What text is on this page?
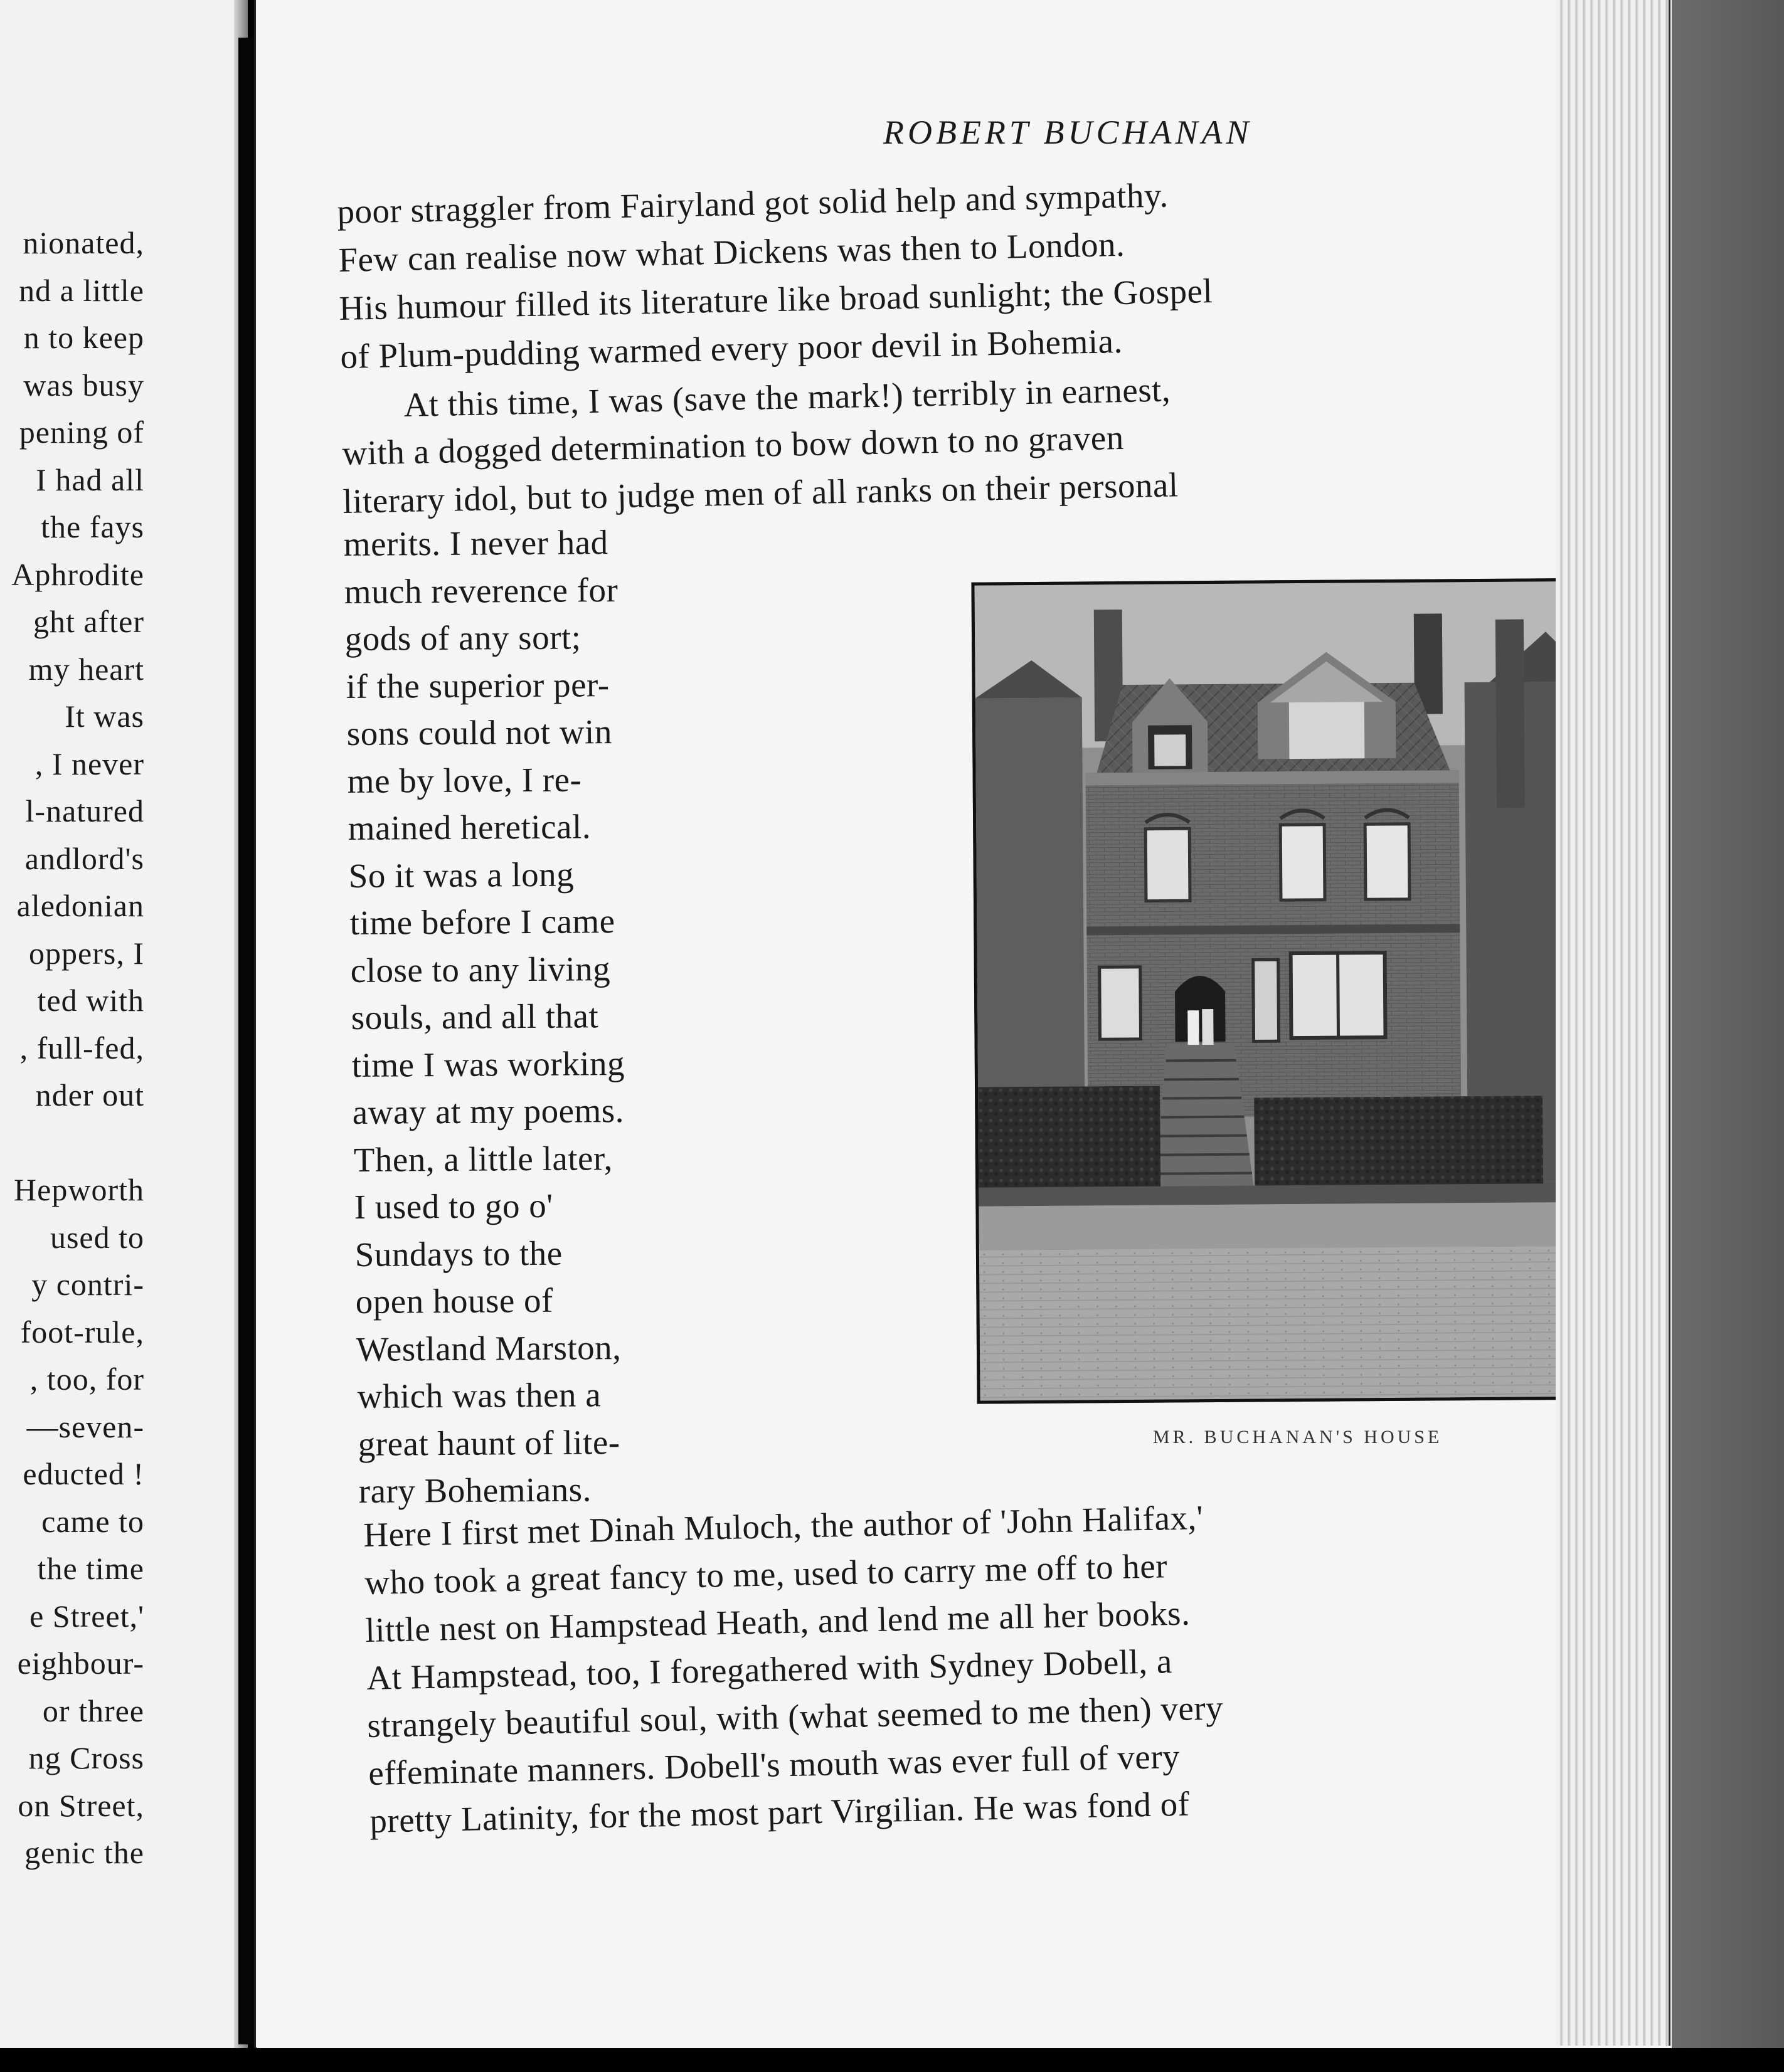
nionated,
nd a little
n to keep
was busy
pening of
I had all
the fays
Aphrodite
ght after
my heart
It was
, I never
l-natured
andlord's
aledonian
oppers, I
ted with
, full-fed,
nder out
Hepworth
used to
y contri-
foot-rule,
, too, for
—seven-
educted !
came to
the time
e Street,'
eighbour-
or three
ng Cross
on Street,
genic the
ROBERT BUCHANAN
poor straggler from Fairyland got solid help and sympathy.
Few can realise now what Dickens was then to London.
His humour filled its literature like broad sunlight; the Gospel
of Plum-pudding warmed every poor devil in Bohemia.
At this time, I was (save the mark!) terribly in earnest,
with a dogged determination to bow down to no graven
literary idol, but to judge men of all ranks on their personal
merits. I never had
much reverence for
gods of any sort;
if the superior per-
sons could not win
me by love, I re-
mained heretical.
So it was a long
time before I came
close to any living
souls, and all that
time I was working
away at my poems.
Then, a little later,
I used to go o'
Sundays to the
open house of
Westland Marston,
which was then a
great haunt of lite-
rary Bohemians.
Here I first met Dinah Muloch, the author of 'John Halifax,'
who took a great fancy to me, used to carry me off to her
little nest on Hampstead Heath, and lend me all her books.
At Hampstead, too, I foregathered with Sydney Dobell, a
strangely beautiful soul, with (what seemed to me then) very
effeminate manners. Dobell's mouth was ever full of very
pretty Latinity, for the most part Virgilian. He was fond of
MR. BUCHANAN'S HOUSE
